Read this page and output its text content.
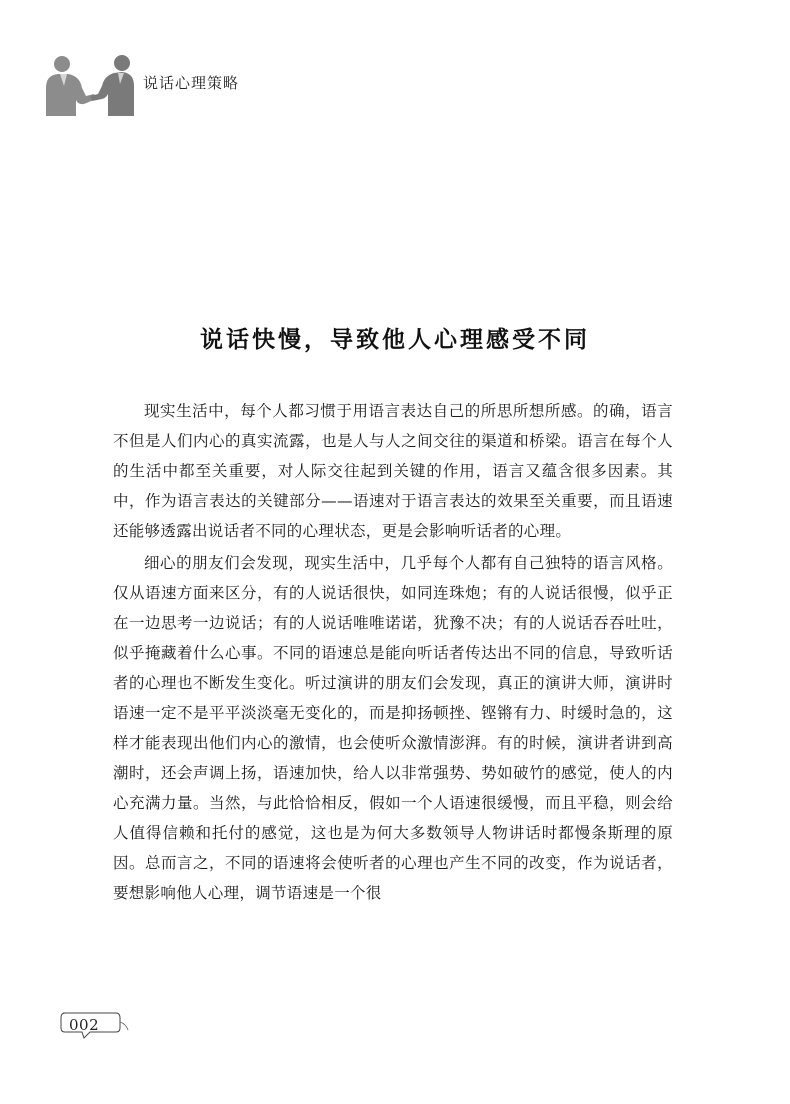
说话心理策略
说话快慢，导致他人心理感受不同

现实生活中，每个人都习惯于用语言表达自己的所思所想所感。的确，语言不但是人们内心的真实流露，也是人与人之间交往的渠道和桥梁。语言在每个人的生活中都至关重要，对人际交往起到关键的作用，语言又蕴含很多因素。其中，作为语言表达的关键部分——语速对于语言表达的效果至关重要，而且语速还能够透露出说话者不同的心理状态，更是会影响听话者的心理。

细心的朋友们会发现，现实生活中，几乎每个人都有自己独特的语言风格。仅从语速方面来区分，有的人说话很快，如同连珠炮；有的人说话很慢，似乎正在一边思考一边说话；有的人说话唯唯诺诺，犹豫不决；有的人说话吞吞吐吐，似乎掩藏着什么心事。不同的语速总是能向听话者传达出不同的信息，导致听话者的心理也不断发生变化。听过演讲的朋友们会发现，真正的演讲大师，演讲时语速一定不是平平淡淡毫无变化的，而是抑扬顿挫、铿锵有力、时缓时急的，这样才能表现出他们内心的激情，也会使听众激情澎湃。有的时候，演讲者讲到高潮时，还会声调上扬，语速加快，给人以非常强势、势如破竹的感觉，使人的内心充满力量。当然，与此恰恰相反，假如一个人语速很缓慢，而且平稳，则会给人值得信赖和托付的感觉，这也是为何大多数领导人物讲话时都慢条斯理的原因。总而言之，不同的语速将会使听者的心理也产生不同的改变，作为说话者，要想影响他人心理，调节语速是一个很

002
